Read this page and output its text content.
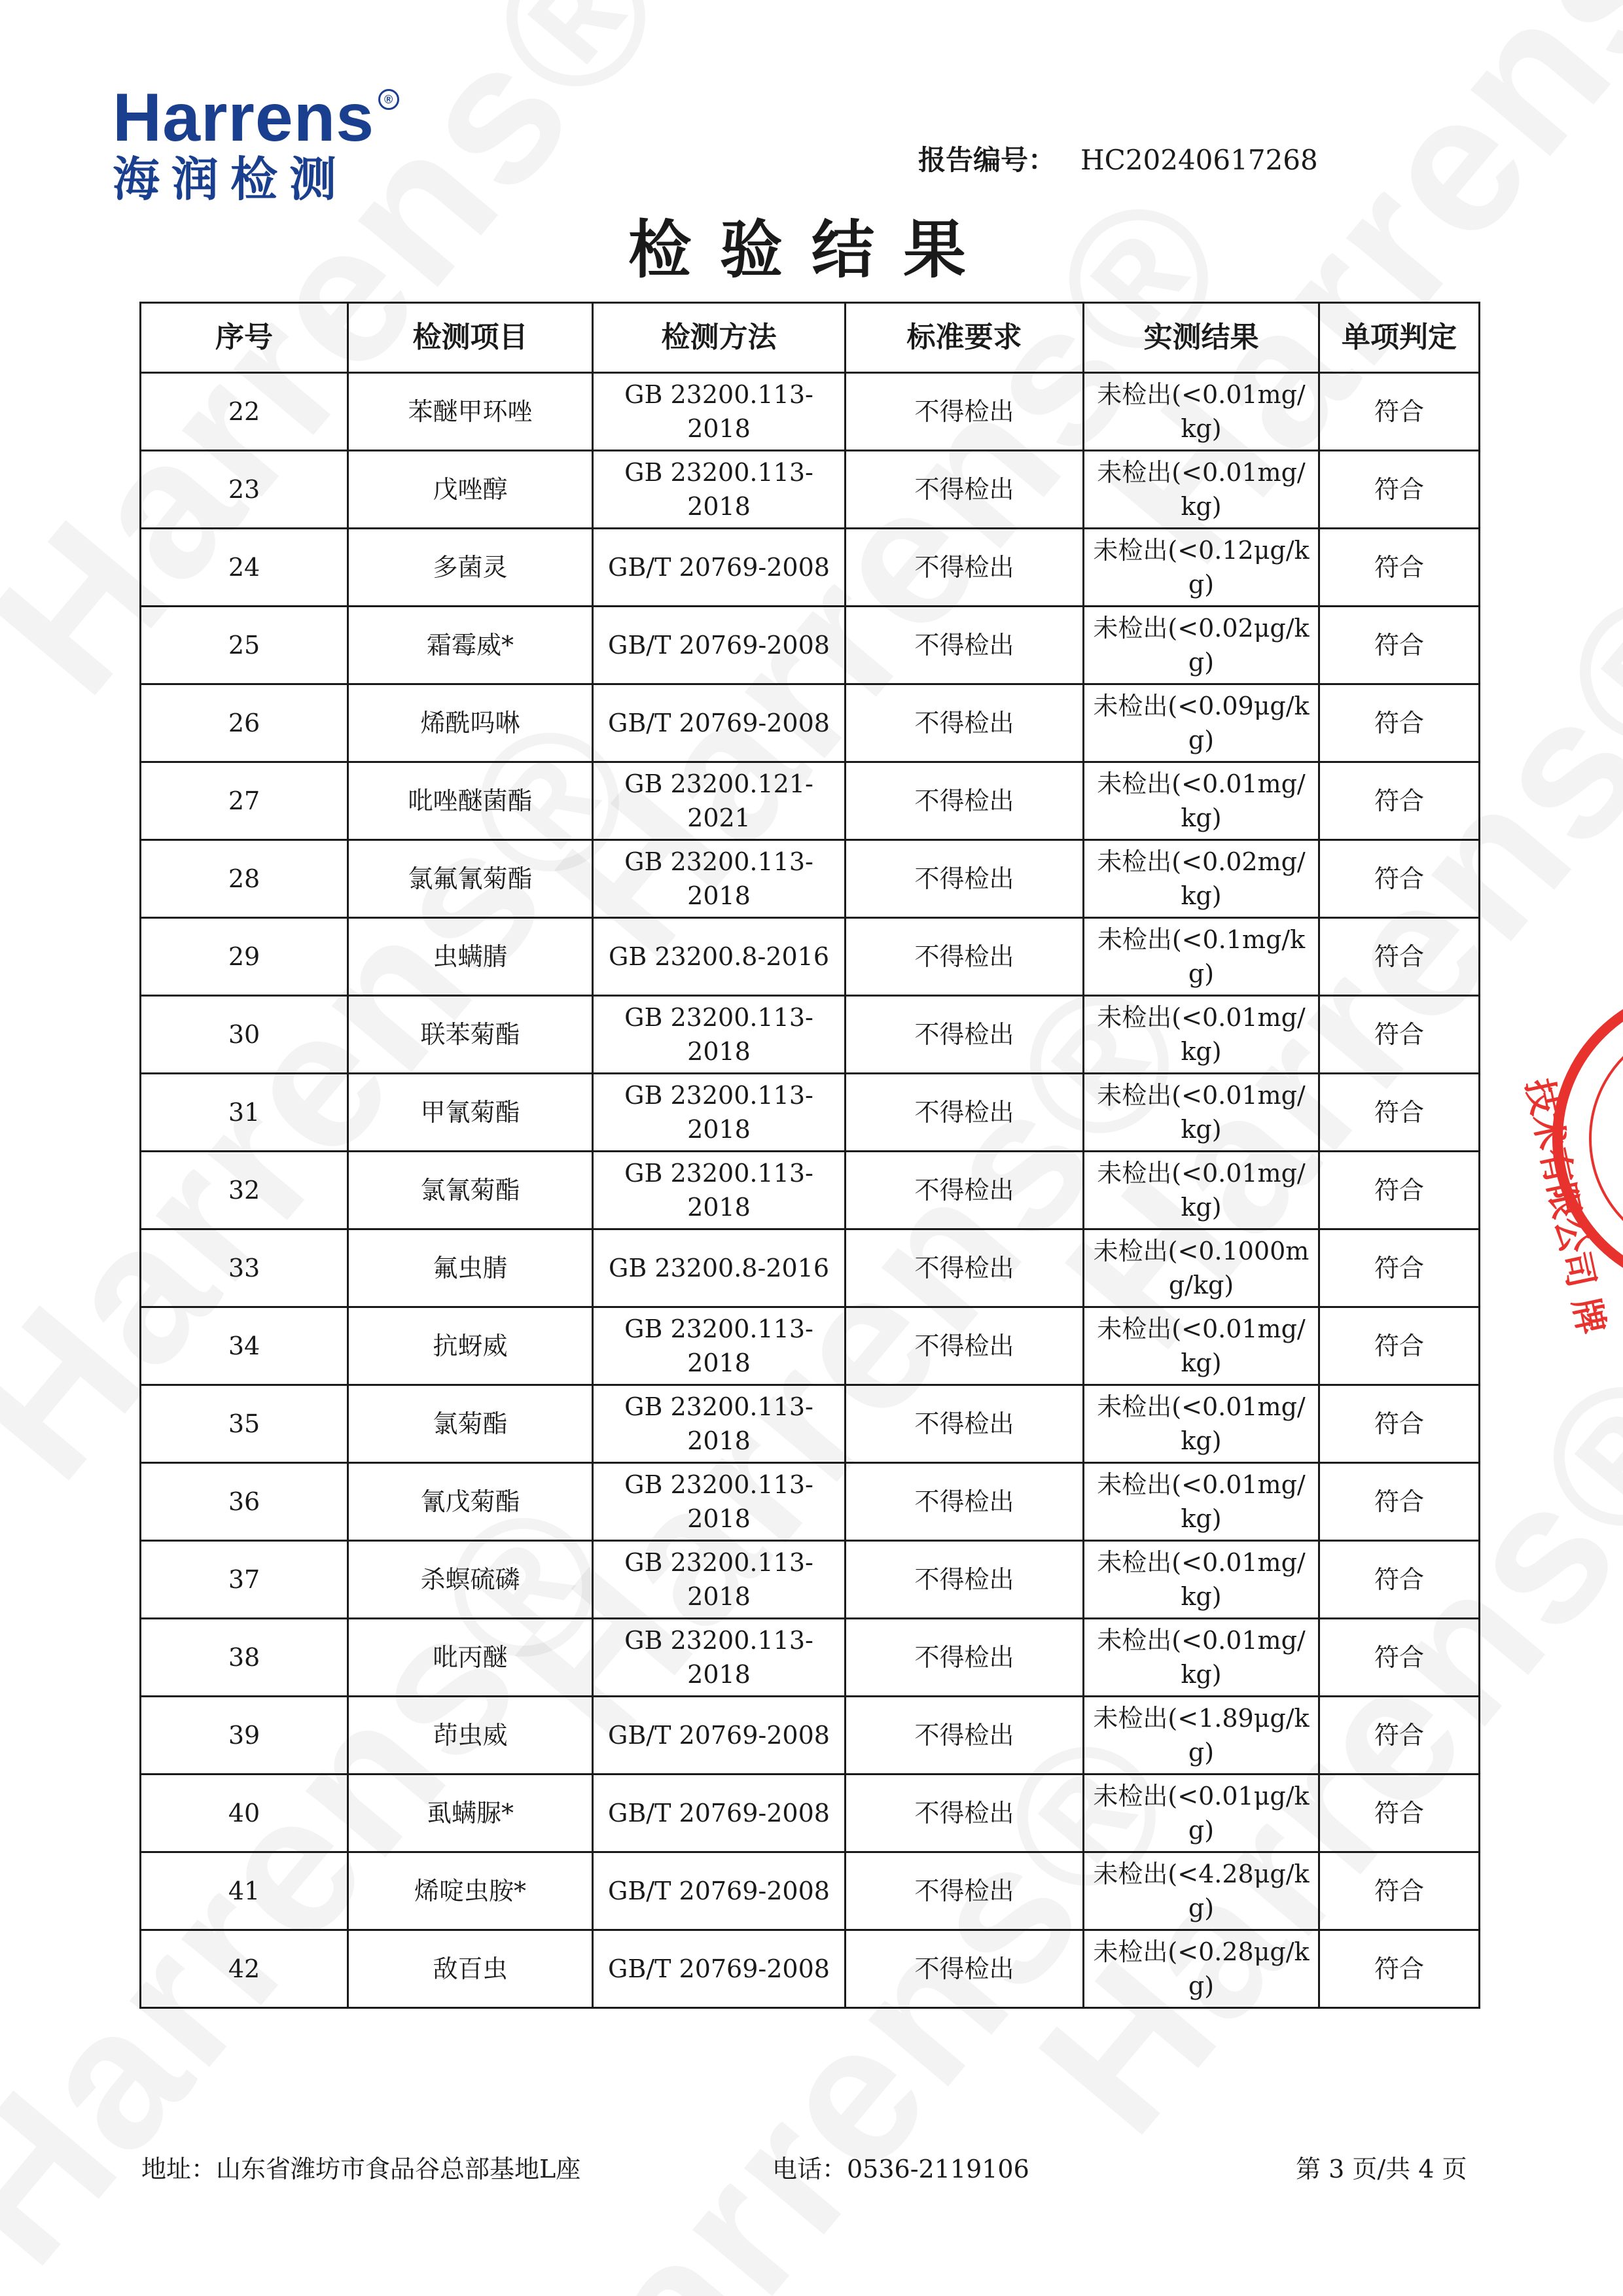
Harrens ®
海润检测	报告编号： HC20240617268
检验结果
序号	检测项目	检测方法	标准要求	实测结果	单项判定
22	苯醚甲环唑	GB 23200.113-2018	不得检出	未检出(<0.01mg/kg)	符合
23	戊唑醇	GB 23200.113-2018	不得检出	未检出(<0.01mg/kg)	符合
24	多菌灵	GB/T 20769-2008	不得检出	未检出(<0.12μg/kg)	符合
25	霜霉威*	GB/T 20769-2008	不得检出	未检出(<0.02μg/kg)	符合
26	烯酰吗啉	GB/T 20769-2008	不得检出	未检出(<0.09μg/kg)	符合
27	吡唑醚菌酯	GB 23200.121-2021	不得检出	未检出(<0.01mg/kg)	符合
28	氯氟氰菊酯	GB 23200.113-2018	不得检出	未检出(<0.02mg/kg)	符合
29	虫螨腈	GB 23200.8-2016	不得检出	未检出(<0.1mg/kg)	符合
30	联苯菊酯	GB 23200.113-2018	不得检出	未检出(<0.01mg/kg)	符合
31	甲氰菊酯	GB 23200.113-2018	不得检出	未检出(<0.01mg/kg)	符合
32	氯氰菊酯	GB 23200.113-2018	不得检出	未检出(<0.01mg/kg)	符合
33	氟虫腈	GB 23200.8-2016	不得检出	未检出(<0.1000mg/kg)	符合
34	抗蚜威	GB 23200.113-2018	不得检出	未检出(<0.01mg/kg)	符合
35	氯菊酯	GB 23200.113-2018	不得检出	未检出(<0.01mg/kg)	符合
36	氰戊菊酯	GB 23200.113-2018	不得检出	未检出(<0.01mg/kg)	符合
37	杀螟硫磷	GB 23200.113-2018	不得检出	未检出(<0.01mg/kg)	符合
38	吡丙醚	GB 23200.113-2018	不得检出	未检出(<0.01mg/kg)	符合
39	茚虫威	GB/T 20769-2008	不得检出	未检出(<1.89μg/kg)	符合
40	虱螨脲*	GB/T 20769-2008	不得检出	未检出(<0.01μg/kg)	符合
41	烯啶虫胺*	GB/T 20769-2008	不得检出	未检出(<4.28μg/kg)	符合
42	敌百虫	GB/T 20769-2008	不得检出	未检出(<0.28μg/kg)	符合
技术有限公司 牌
地址：山东省潍坊市食品谷总部基地L座	电话：0536-2119106	第 3 页/共 4 页
